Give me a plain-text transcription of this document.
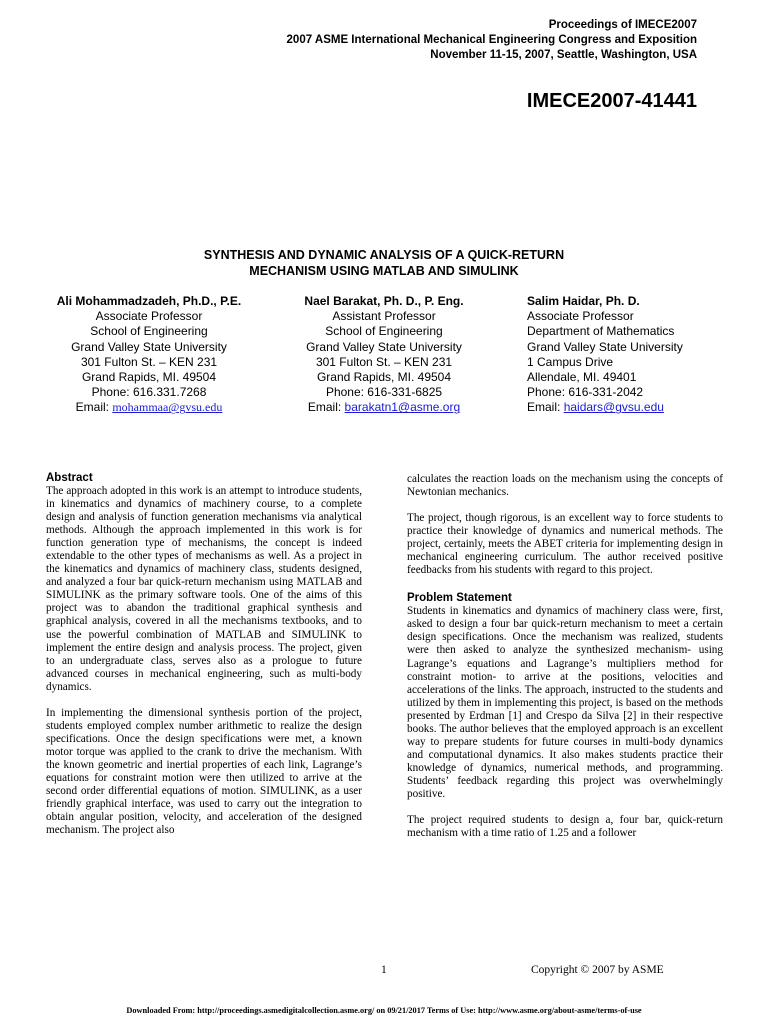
Proceedings of IMECE2007
2007 ASME International Mechanical Engineering Congress and Exposition
November 11-15, 2007, Seattle, Washington, USA
IMECE2007-41441
SYNTHESIS AND DYNAMIC ANALYSIS OF A QUICK-RETURN
MECHANISM USING MATLAB AND SIMULINK
Ali Mohammadzadeh, Ph.D., P.E.
Associate Professor
School of Engineering
Grand Valley State University
301 Fulton St. – KEN 231
Grand Rapids, MI. 49504
Phone: 616.331.7268
Email: mohammaa@gvsu.edu
Nael Barakat, Ph. D., P. Eng.
Assistant Professor
School of Engineering
Grand Valley State University
301 Fulton St. – KEN 231
Grand Rapids, MI. 49504
Phone: 616-331-6825
Email: barakatn1@asme.org
Salim Haidar, Ph. D.
Associate Professor
Department of Mathematics
Grand Valley State University
1 Campus Drive
Allendale, MI. 49401
Phone: 616-331-2042
Email: haidars@gvsu.edu
Abstract

The approach adopted in this work is an attempt to introduce students, in kinematics and dynamics of machinery course, to a complete design and analysis of function generation mechanisms via analytical methods. Although the approach implemented in this work is for function generation type of mechanisms, the concept is indeed extendable to the other types of mechanisms as well. As a project in the kinematics and dynamics of machinery class, students designed, and analyzed a four bar quick-return mechanism using MATLAB and SIMULINK as the primary software tools. One of the aims of this project was to abandon the traditional graphical synthesis and graphical analysis, covered in all the mechanisms textbooks, and to use the powerful combination of MATLAB and SIMULINK to implement the entire design and analysis process. The project, given to an undergraduate class, serves also as a prologue to future advanced courses in mechanical engineering, such as multi-body dynamics.

In implementing the dimensional synthesis portion of the project, students employed complex number arithmetic to realize the design specifications. Once the design specifications were met, a known motor torque was applied to the crank to drive the mechanism. With the known geometric and inertial properties of each link, Lagrange’s equations for constraint motion were then utilized to arrive at the second order differential equations of motion. SIMULINK, as a user friendly graphical interface, was used to carry out the integration to obtain angular position, velocity, and acceleration of the designed mechanism. The project also

calculates the reaction loads on the mechanism using the concepts of Newtonian mechanics.

The project, though rigorous, is an excellent way to force students to practice their knowledge of dynamics and numerical methods. The project, certainly, meets the ABET criteria for implementing design in mechanical engineering curriculum. The author received positive feedbacks from his students with regard to this project.

Problem Statement

Students in kinematics and dynamics of machinery class were, first, asked to design a four bar quick-return mechanism to meet a certain design specifications. Once the mechanism was realized, students were then asked to analyze the synthesized mechanism- using Lagrange’s equations and Lagrange’s multipliers method for constraint motion- to arrive at the positions, velocities and accelerations of the links. The approach, instructed to the students and utilized by them in implementing this project, is based on the methods presented by Erdman [1] and Crespo da Silva [2] in their respective books. The author believes that the employed approach is an excellent way to prepare students for future courses in multi-body dynamics and computational dynamics. It also makes students practice their knowledge of dynamics, numerical methods, and programming. Students’ feedback regarding this project was overwhelmingly positive.

The project required students to design a, four bar, quick-return mechanism with a time ratio of 1.25 and a follower

1	Copyright © 2007 by ASME
Downloaded From: http://proceedings.asmedigitalcollection.asme.org/ on 09/21/2017 Terms of Use: http://www.asme.org/about-asme/terms-of-use
